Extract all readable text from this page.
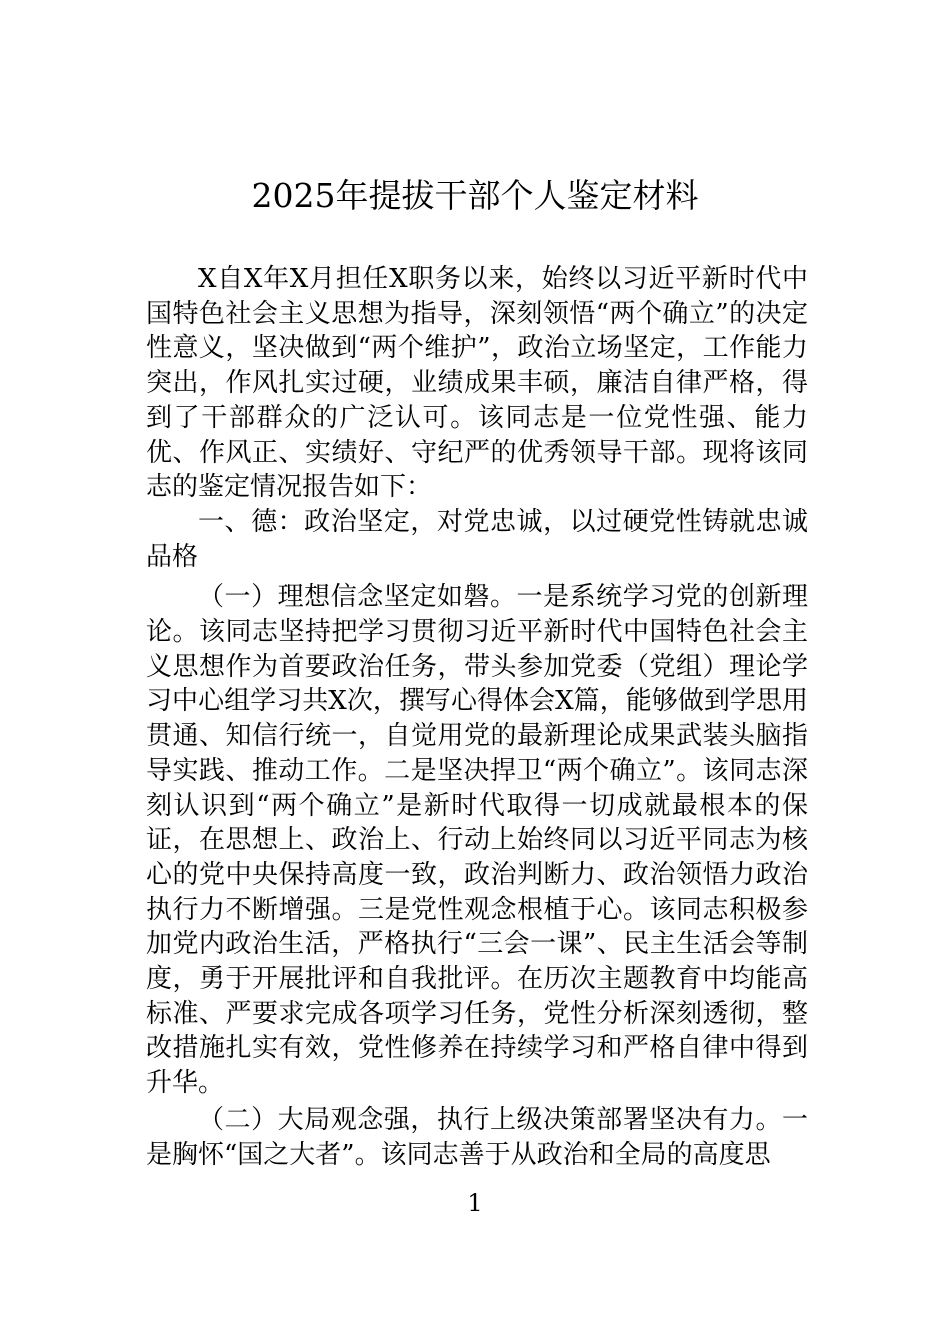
2025年提拔干部个人鉴定材料

X自X年X月担任X职务以来，始终以习近平新时代中国特色社会主义思想为指导，深刻领悟“两个确立”的决定性意义，坚决做到“两个维护”，政治立场坚定，工作能力突出，作风扎实过硬，业绩成果丰硕，廉洁自律严格，得到了干部群众的广泛认可。该同志是一位党性强、能力优、作风正、实绩好、守纪严的优秀领导干部。现将该同志的鉴定情况报告如下：

一、德：政治坚定，对党忠诚，以过硬党性铸就忠诚品格

（一）理想信念坚定如磐。一是系统学习党的创新理论。该同志坚持把学习贯彻习近平新时代中国特色社会主义思想作为首要政治任务，带头参加党委（党组）理论学习中心组学习共X次，撰写心得体会X篇，能够做到学思用贯通、知信行统一，自觉用党的最新理论成果武装头脑指导实践、推动工作。二是坚决捍卫“两个确立”。该同志深刻认识到“两个确立”是新时代取得一切成就最根本的保证，在思想上、政治上、行动上始终同以习近平同志为核心的党中央保持高度一致，政治判断力、政治领悟力政治执行力不断增强。三是党性观念根植于心。该同志积极参加党内政治生活，严格执行“三会一课”、民主生活会等制度，勇于开展批评和自我批评。在历次主题教育中均能高标准、严要求完成各项学习任务，党性分析深刻透彻，整改措施扎实有效，党性修养在持续学习和严格自律中得到升华。

（二）大局观念强，执行上级决策部署坚决有力。一是胸怀“国之大者”。该同志善于从政治和全局的高度思

1
